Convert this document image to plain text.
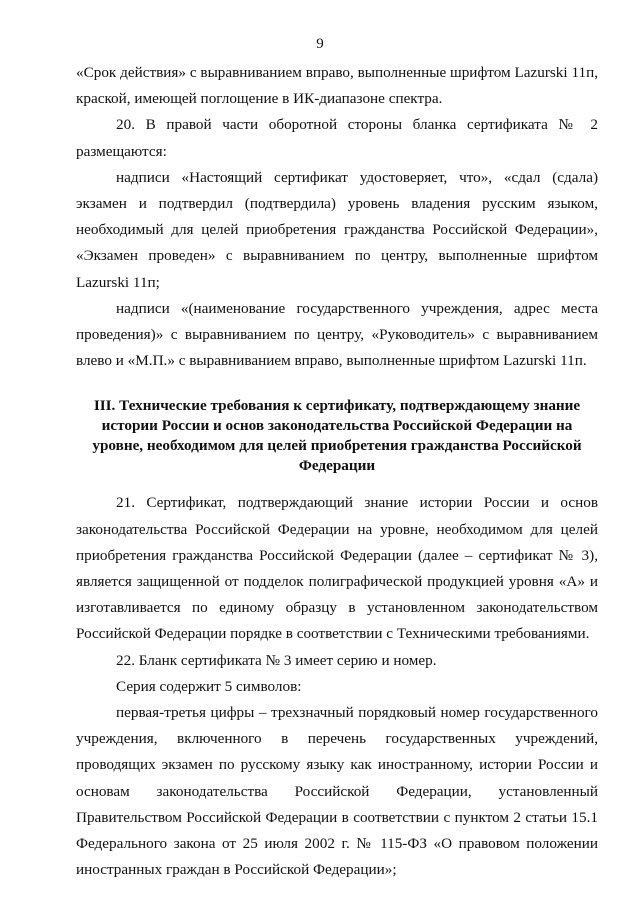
9

«Срок действия» с выравниванием вправо, выполненные шрифтом Lazurski 11п, краской, имеющей поглощение в ИК-диапазоне спектра.

20. В правой части оборотной стороны бланка сертификата № 2 размещаются:

надписи «Настоящий сертификат удостоверяет, что», «сдал (сдала) экзамен и подтвердил (подтвердила) уровень владения русским языком, необходимый для целей приобретения гражданства Российской Федерации», «Экзамен проведен» с выравниванием по центру, выполненные шрифтом Lazurski 11п;

надписи «(наименование государственного учреждения, адрес места проведения)» с выравниванием по центру, «Руководитель» с выравниванием влево и «М.П.» с выравниванием вправо, выполненные шрифтом Lazurski 11п.

III. Технические требования к сертификату, подтверждающему знание истории России и основ законодательства Российской Федерации на уровне, необходимом для целей приобретения гражданства Российской Федерации

21. Сертификат, подтверждающий знание истории России и основ законодательства Российской Федерации на уровне, необходимом для целей приобретения гражданства Российской Федерации (далее – сертификат № 3), является защищенной от подделок полиграфической продукцией уровня «А» и изготавливается по единому образцу в установленном законодательством Российской Федерации порядке в соответствии с Техническими требованиями.

22. Бланк сертификата № 3 имеет серию и номер.

Серия содержит 5 символов:

первая-третья цифры – трехзначный порядковый номер государственного учреждения, включенного в перечень государственных учреждений, проводящих экзамен по русскому языку как иностранному, истории России и основам законодательства Российской Федерации, установленный Правительством Российской Федерации в соответствии с пунктом 2 статьи 15.1 Федерального закона от 25 июля 2002 г. № 115-ФЗ «О правовом положении иностранных граждан в Российской Федерации»;
